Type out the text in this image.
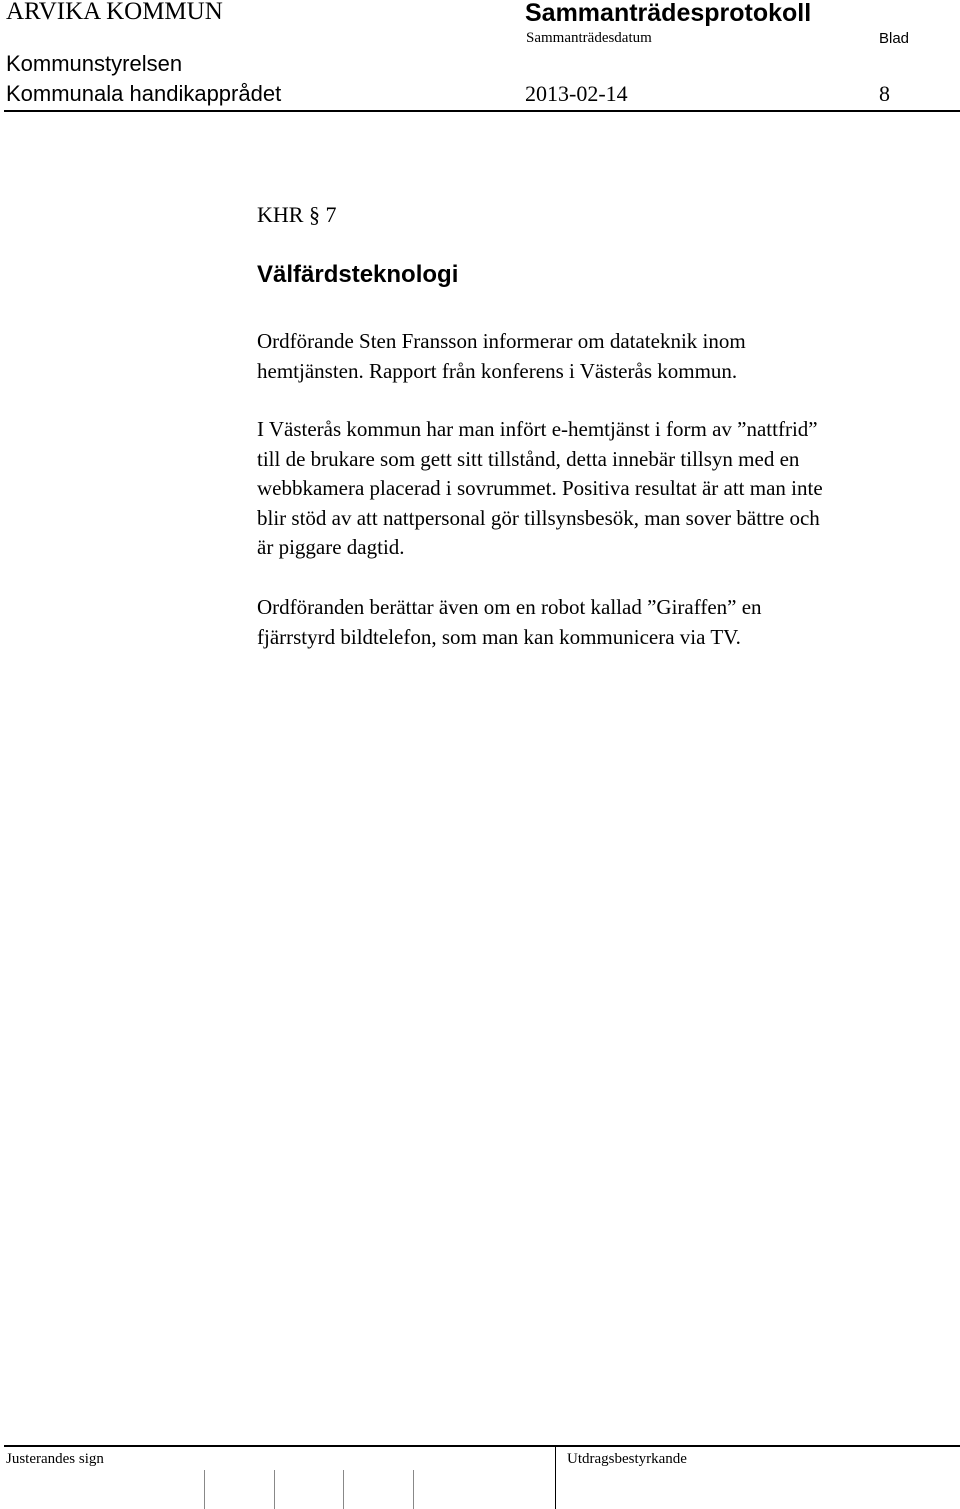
ARVIKA KOMMUN	Sammanträdesprotokoll
Sammanträdesdatum	Blad
Kommunstyrelsen
Kommunala handikapprådet	2013-02-14	8
KHR § 7
Välfärdsteknologi
Ordförande Sten Fransson informerar om datateknik inom
hemtjänsten. Rapport från konferens i Västerås kommun.
I Västerås kommun har man infört e-hemtjänst i form av ”nattfrid”
till de brukare som gett sitt tillstånd, detta innebär tillsyn med en
webbkamera placerad i sovrummet. Positiva resultat är att man inte
blir stöd av att nattpersonal gör tillsynsbesök, man sover bättre och
är piggare dagtid.
Ordföranden berättar även om en robot kallad ”Giraffen” en
fjärrstyrd bildtelefon, som man kan kommunicera via TV.
Justerandes sign	Utdragsbestyrkande
